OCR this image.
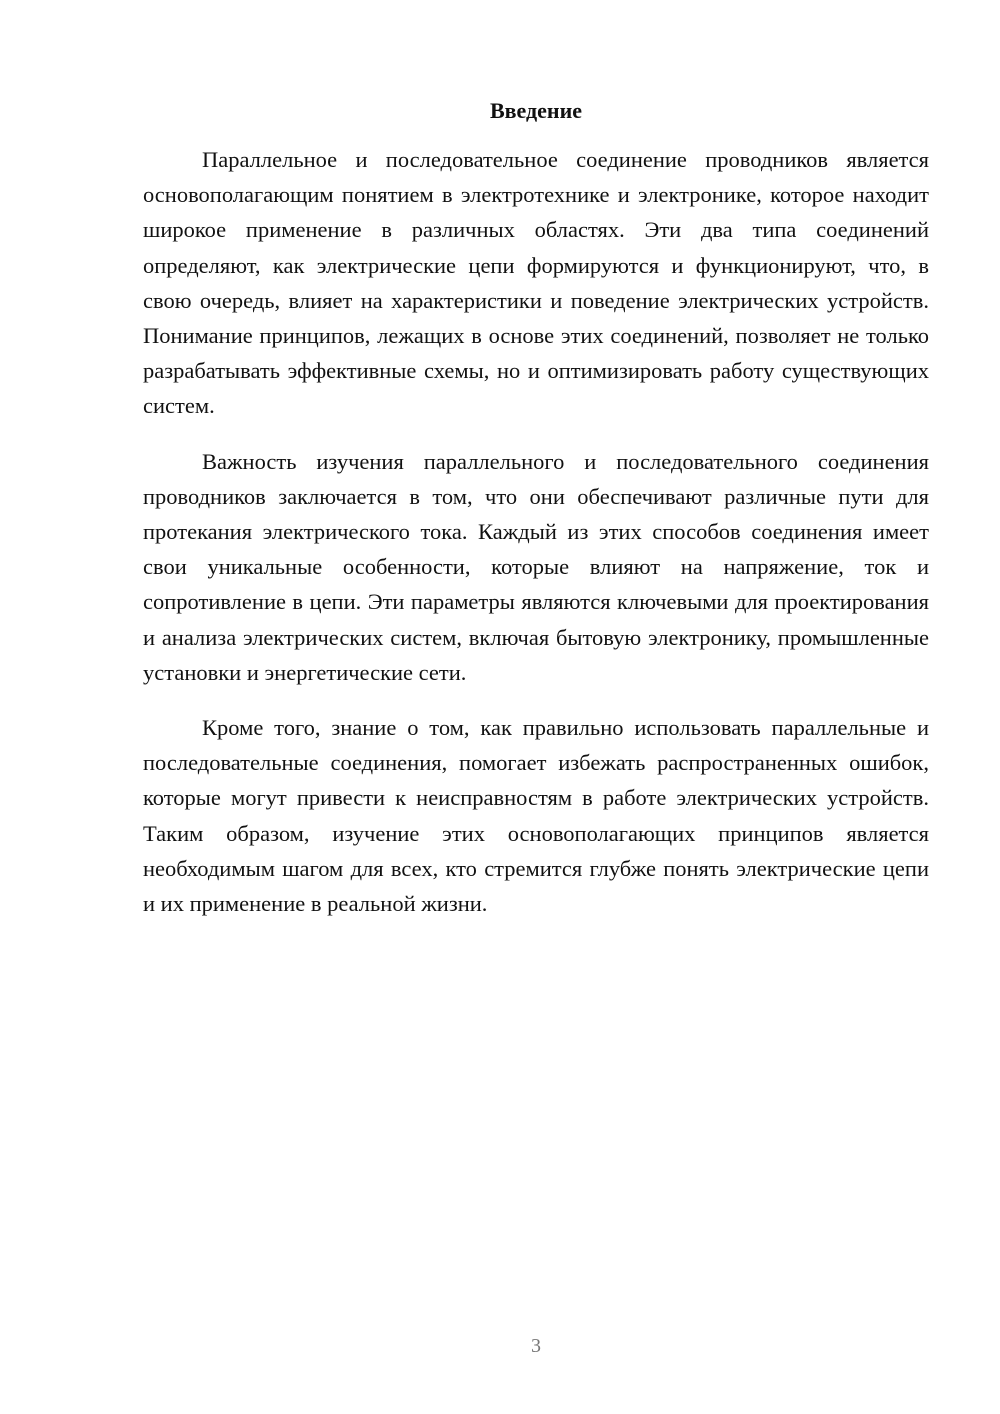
Введение

Параллельное и последовательное соединение проводников является основополагающим понятием в электротехнике и электронике, которое находит широкое применение в различных областях. Эти два типа соединений определяют, как электрические цепи формируются и функционируют, что, в свою очередь, влияет на характеристики и поведение электрических устройств. Понимание принципов, лежащих в основе этих соединений, позволяет не только разрабатывать эффективные схемы, но и оптимизировать работу существующих систем.

Важность изучения параллельного и последовательного соединения проводников заключается в том, что они обеспечивают различные пути для протекания электрического тока. Каждый из этих способов соединения имеет свои уникальные особенности, которые влияют на напряжение, ток и сопротивление в цепи. Эти параметры являются ключевыми для проектирования и анализа электрических систем, включая бытовую электронику, промышленные установки и энергетические сети.

Кроме того, знание о том, как правильно использовать параллельные и последовательные соединения, помогает избежать распространенных ошибок, которые могут привести к неисправностям в работе электрических устройств. Таким образом, изучение этих основополагающих принципов является необходимым шагом для всех, кто стремится глубже понять электрические цепи и их применение в реальной жизни.

3
